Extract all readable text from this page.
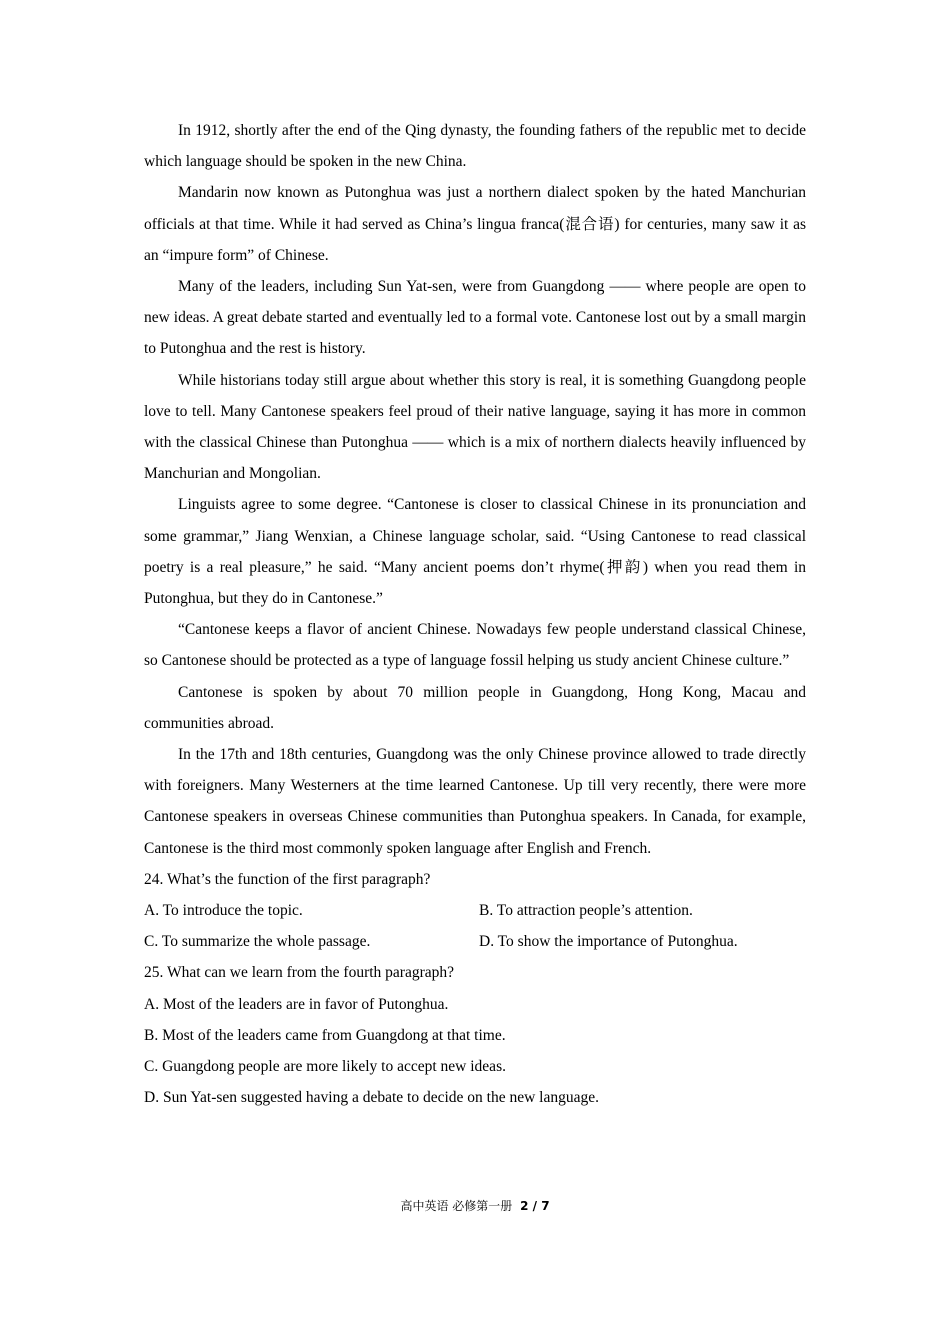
In 1912, shortly after the end of the Qing dynasty, the founding fathers of the republic met to decide which language should be spoken in the new China.

Mandarin now known as Putonghua was just a northern dialect spoken by the hated Manchurian officials at that time. While it had served as China’s lingua franca(混合语) for centuries, many saw it as an “impure form” of Chinese.

Many of the leaders, including Sun Yat-sen, were from Guangdong —— where people are open to new ideas. A great debate started and eventually led to a formal vote. Cantonese lost out by a small margin to Putonghua and the rest is history.

While historians today still argue about whether this story is real, it is something Guangdong people love to tell. Many Cantonese speakers feel proud of their native language, saying it has more in common with the classical Chinese than Putonghua —— which is a mix of northern dialects heavily influenced by Manchurian and Mongolian.

Linguists agree to some degree. “Cantonese is closer to classical Chinese in its pronunciation and some grammar,” Jiang Wenxian, a Chinese language scholar, said. “Using Cantonese to read classical poetry is a real pleasure,” he said. “Many ancient poems don’t rhyme(押韵) when you read them in Putonghua, but they do in Cantonese.”

“Cantonese keeps a flavor of ancient Chinese. Nowadays few people understand classical Chinese, so Cantonese should be protected as a type of language fossil helping us study ancient Chinese culture.”

Cantonese is spoken by about 70 million people in Guangdong, Hong Kong, Macau and communities abroad.

In the 17th and 18th centuries, Guangdong was the only Chinese province allowed to trade directly with foreigners. Many Westerners at the time learned Cantonese. Up till very recently, there were more Cantonese speakers in overseas Chinese communities than Putonghua speakers. In Canada, for example, Cantonese is the third most commonly spoken language after English and French.

24. What’s the function of the first paragraph?

A. To introduce the topic.	B. To attraction people’s attention.
C. To summarize the whole passage.	D. To show the importance of Putonghua.

25. What can we learn from the fourth paragraph?

A. Most of the leaders are in favor of Putonghua.

B. Most of the leaders came from Guangdong at that time.

C. Guangdong people are more likely to accept new ideas.

D. Sun Yat-sen suggested having a debate to decide on the new language.

高中英语 必修第一册 2 / 7
